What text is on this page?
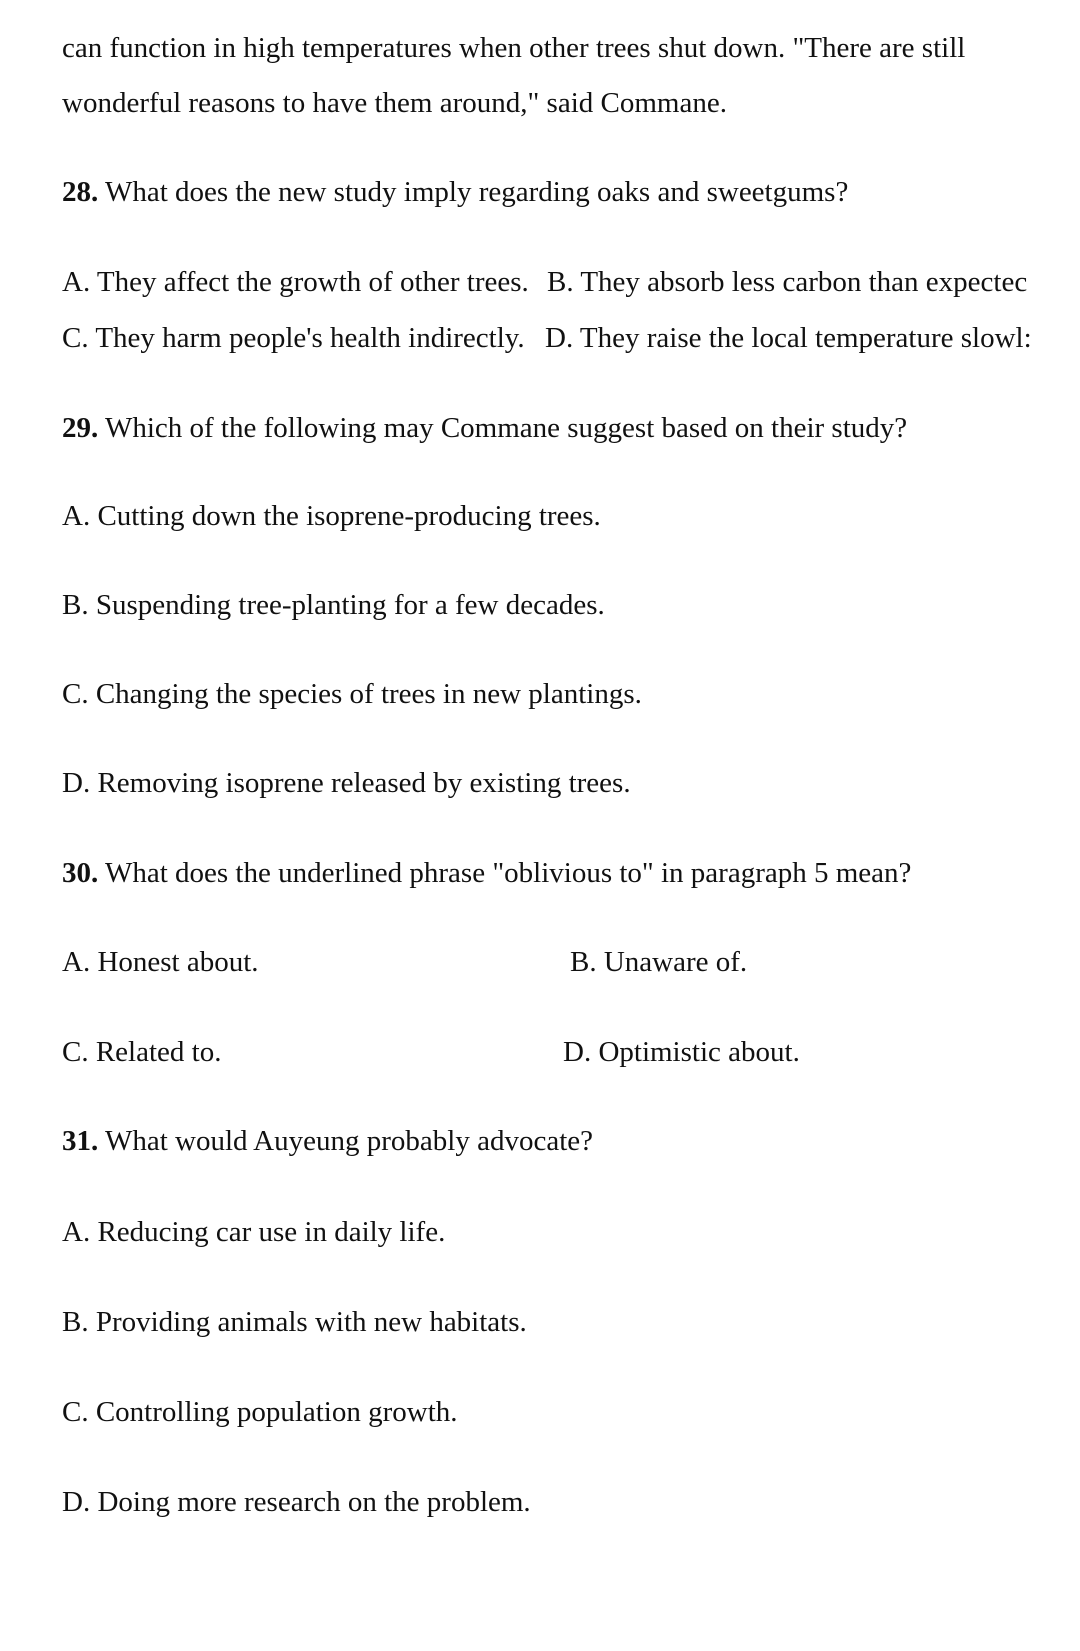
can function in high temperatures when other trees shut down. "There are still
wonderful reasons to have them around," said Commane.
28. What does the new study imply regarding oaks and sweetgums?
A. They affect the growth of other trees. B. They absorb less carbon than expectec
C. They harm people's health indirectly. D. They raise the local temperature slowl:
29. Which of the following may Commane suggest based on their study?
A. Cutting down the isoprene-producing trees.
B. Suspending tree-planting for a few decades.
C. Changing the species of trees in new plantings.
D. Removing isoprene released by existing trees.
30. What does the underlined phrase "oblivious to" in paragraph 5 mean?
A. Honest about.	B. Unaware of.
C. Related to.	D. Optimistic about.
31. What would Auyeung probably advocate?
A. Reducing car use in daily life.
B. Providing animals with new habitats.
C. Controlling population growth.
D. Doing more research on the problem.
